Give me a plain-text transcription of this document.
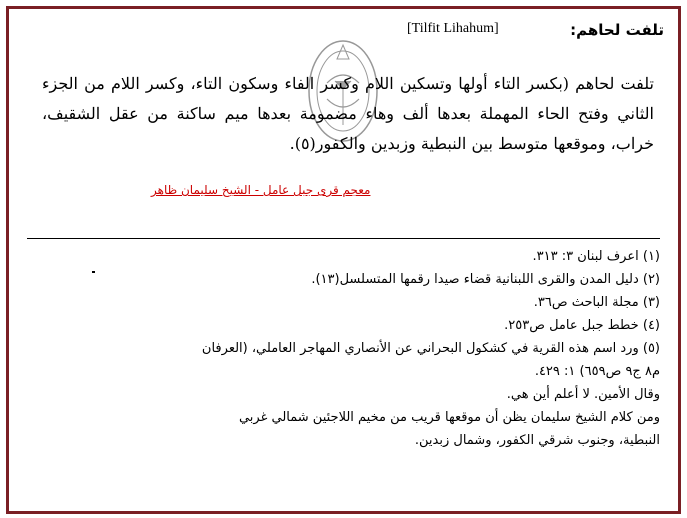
تلفت لحاهم:
[Tilfit Lihahum]
تلفت لحاهم (بكسر التاء أولها وتسكين اللام وكسر الفاء وسكون التاء، وكسر اللام من الجزء الثاني وفتح الحاء المهملة بعدها ألف وهاء مضمومة بعدها ميم ساكنة من عقل الشقيف، خراب، وموقعها متوسط بين النبطية وزبدين والكفور(٥).
معجم قرى جبل عامل - الشيخ سليمان ظاهر
(١) اعرف لبنان ٣: ٣١٣.
(٢) دليل المدن والقرى اللبنانية قضاء صيدا رقمها المتسلسل(١٣).
(٣) مجلة الباحث ص٣٦.
(٤) خطط جبل عامل ص٢٥٣.
(٥) ورد اسم هذه القرية في كشكول البحراني عن الأنصاري المهاجر العاملي، (العرفان
م٨ ج٩ ص٦٥٩) ١: ٤٢٩.
وقال الأمين. لا أعلم أين هي.
ومن كلام الشيخ سليمان يظن أن موقعها قريب من مخيم اللاجئين شمالي غربي
النبطية، وجنوب شرقي الكفور، وشمال زبدين.
